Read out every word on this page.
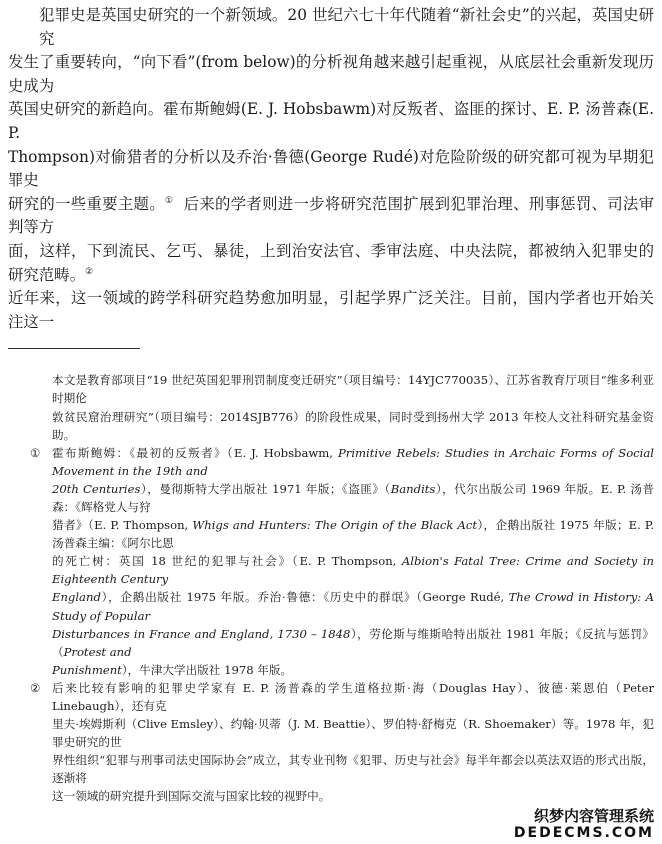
犯罪史是英国史研究的一个新领域。20 世纪六七十年代随着“新社会史”的兴起，英国史研究
发生了重要转向，“向下看”(from below)的分析视角越来越引起重视，从底层社会重新发现历史成为
英国史研究的新趋向。霍布斯鲍姆(E. J. Hobsbawm)对反叛者、盗匪的探讨、E. P. 汤普森(E. P.
Thompson)对偷猎者的分析以及乔治·鲁德(George Rudé)对危险阶级的研究都可视为早期犯罪史
研究的一些重要主题。① 后来的学者则进一步将研究范围扩展到犯罪治理、刑事惩罚、司法审判等方
面，这样，下到流民、乞丐、暴徒，上到治安法官、季审法庭、中央法院，都被纳入犯罪史的研究范畴。②
近年来，这一领域的跨学科研究趋势愈加明显，引起学界广泛关注。目前，国内学者也开始关注这一
本文是教育部项目“19 世纪英国犯罪刑罚制度变迁研究”（项目编号：14YJC770035）、江苏省教育厅项目“维多利亚时期伦
敦贫民窟治理研究”（项目编号：2014SJB776）的阶段性成果，同时受到扬州大学 2013 年校人文社科研究基金资助。
① 霍布斯鲍姆：《最初的反叛者》（E. J. Hobsbawm, Primitive Rebels: Studies in Archaic Forms of Social Movement in the 19th and
20th Centuries），曼彻斯特大学出版社 1971 年版；《盗匪》（Bandits），代尔出版公司 1969 年版。E. P. 汤普森：《辉格党人与狩
猎者》（E. P. Thompson, Whigs and Hunters: The Origin of the Black Act），企鹅出版社 1975 年版；E. P. 汤普森主编：《阿尔比恩
的死亡树：英国 18 世纪的犯罪与社会》（E. P. Thompson, Albion's Fatal Tree: Crime and Society in Eighteenth Century
England），企鹅出版社 1975 年版。乔治·鲁德：《历史中的群氓》（George Rudé, The Crowd in History: A Study of Popular
Disturbances in France and England, 1730 – 1848），劳伦斯与维斯哈特出版社 1981 年版；《反抗与惩罚》（Protest and
Punishment），牛津大学出版社 1978 年版。
② 后来比较有影响的犯罪史学家有 E. P. 汤普森的学生道格拉斯·海（Douglas Hay）、彼德·莱恩伯（Peter Linebaugh），还有克
里夫·埃姆斯利（Clive Emsley）、约翰·贝蒂（J. M. Beattie）、罗伯特·舒梅克（R. Shoemaker）等。1978 年，犯罪史研究的世
界性组织“犯罪与刑事司法史国际协会”成立，其专业刊物《犯罪、历史与社会》每半年都会以英法双语的形式出版，逐渐将
这一领域的研究提升到国际交流与国家比较的视野中。
织梦内容管理系统
DEDECMS.COM
